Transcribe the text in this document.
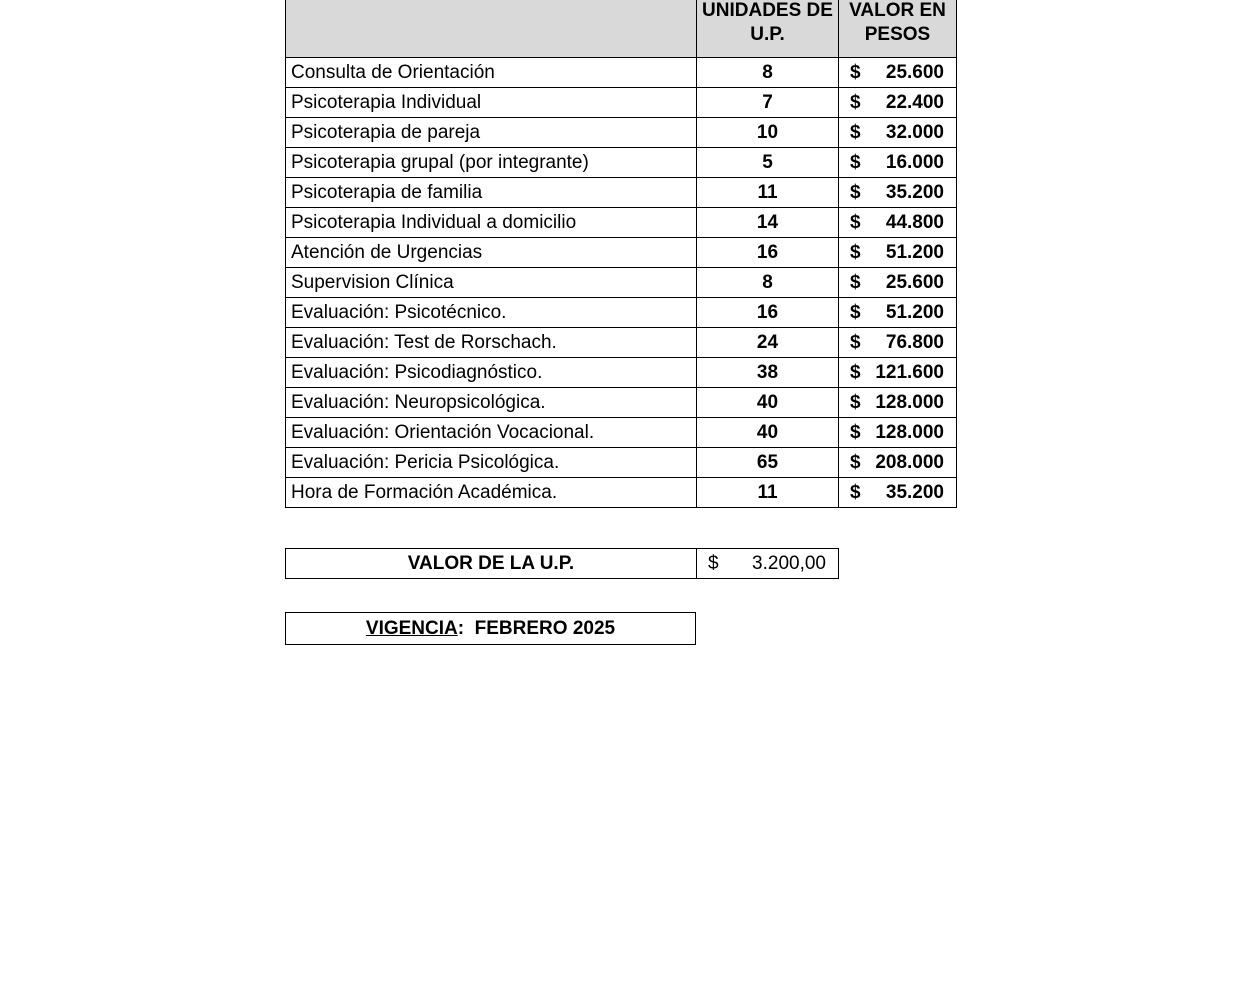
	UNIDADES DE U.P.	VALOR EN PESOS

Consulta de Orientación	8	$ 25.600

Psicoterapia Individual	7	$ 22.400

Psicoterapia de pareja	10	$ 32.000

Psicoterapia grupal (por integrante)	5	$ 16.000

Psicoterapia de familia	11	$ 35.200

Psicoterapia Individual a domicilio	14	$ 44.800

Atención de Urgencias	16	$ 51.200

Supervision Clínica	8	$ 25.600

Evaluación: Psicotécnico.	16	$ 51.200

Evaluación: Test de Rorschach.	24	$ 76.800

Evaluación: Psicodiagnóstico.	38	$ 121.600

Evaluación: Neuropsicológica.	40	$ 128.000

Evaluación: Orientación Vocacional.	40	$ 128.000

Evaluación: Pericia Psicológica.	65	$ 208.000

Hora de Formación Académica.	11	$ 35.200
VALOR DE LA U.P.	$ 3.200,00
VIGENCIA: FEBRERO 2025
